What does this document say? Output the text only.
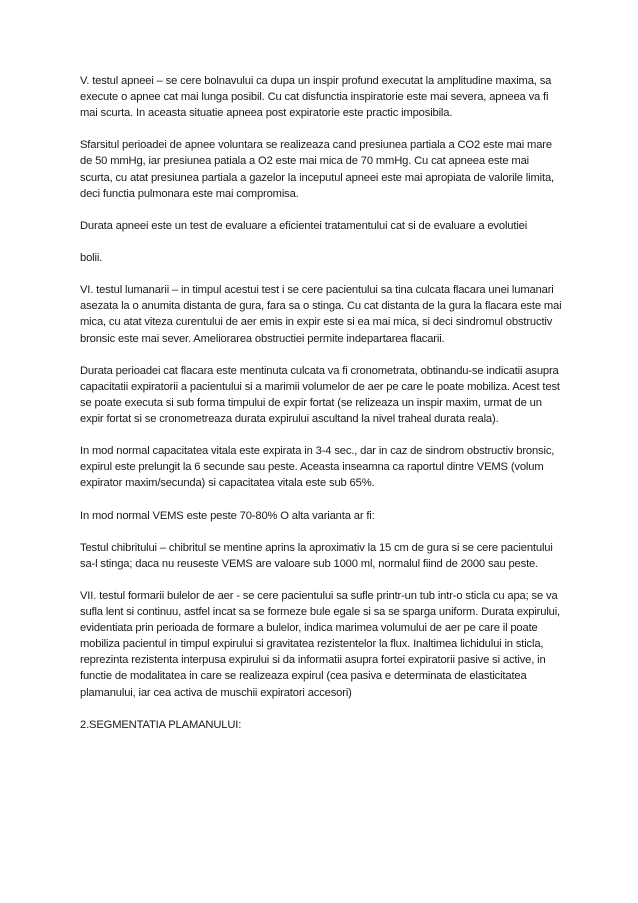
V. testul apneei – se cere bolnavului ca dupa un inspir profund executat la amplitudine maxima, sa execute o apnee cat mai lunga posibil. Cu cat disfunctia inspiratorie este mai severa, apneea va fi mai scurta. In aceasta situatie apneea post expiratorie este practic imposibila.

Sfarsitul perioadei de apnee voluntara se realizeaza cand presiunea partiala a CO2 este mai mare de 50 mmHg, iar presiunea patiala a O2 este mai mica de 70 mmHg. Cu cat apneea este mai scurta, cu atat presiunea partiala a gazelor la inceputul apneei este mai apropiata de valorile limita, deci functia pulmonara este mai compromisa.

Durata apneei este un test de evaluare a eficientei tratamentului cat si de evaluare a evolutiei

bolii.

VI. testul lumanarii – in timpul acestui test i se cere pacientului sa tina culcata flacara unei lumanari asezata la o anumita distanta de gura, fara sa o stinga. Cu cat distanta de la gura la flacara este mai mica, cu atat viteza curentului de aer emis in expir este si ea mai mica, si deci sindromul obstructiv bronsic este mai sever. Ameliorarea obstructiei permite indepartarea flacarii.

Durata perioadei cat flacara este mentinuta culcata va fi cronometrata, obtinandu-se indicatii asupra capacitatii expiratorii a pacientului si a marimii volumelor de aer pe care le poate mobiliza. Acest test se poate executa si sub forma timpului de expir fortat (se relizeaza un inspir maxim, urmat de un expir fortat si se cronometreaza durata expirului ascultand la nivel traheal durata reala).

In mod normal capacitatea vitala este expirata in 3-4 sec., dar in caz de sindrom obstructiv bronsic, expirul este prelungit la 6 secunde sau peste. Aceasta inseamna ca raportul dintre VEMS (volum expirator maxim/secunda) si capacitatea vitala este sub 65%.

In mod normal VEMS este peste 70-80% O alta varianta ar fi:

Testul chibritului – chibritul se mentine aprins la aproximativ la 15 cm de gura si se cere pacientului sa-l stinga; daca nu reuseste VEMS are valoare sub 1000 ml, normalul fiind de 2000 sau peste.

VII. testul formarii bulelor de aer - se cere pacientului sa sufle printr-un tub intr-o sticla cu apa; se va sufla lent si continuu, astfel incat sa se formeze bule egale si sa se sparga uniform. Durata expirului, evidentiata prin perioada de formare a bulelor, indica marimea volumului de aer pe care il poate mobiliza pacientul in timpul expirului si gravitatea rezistentelor la flux. Inaltimea lichidului in sticla, reprezinta rezistenta interpusa expirului si da informatii asupra fortei expiratorii pasive si active, in functie de modalitatea in care se realizeaza expirul (cea pasiva e determinata de elasticitatea plamanului, iar cea activa de muschii expiratori accesori)

2.SEGMENTATIA PLAMANULUI:
